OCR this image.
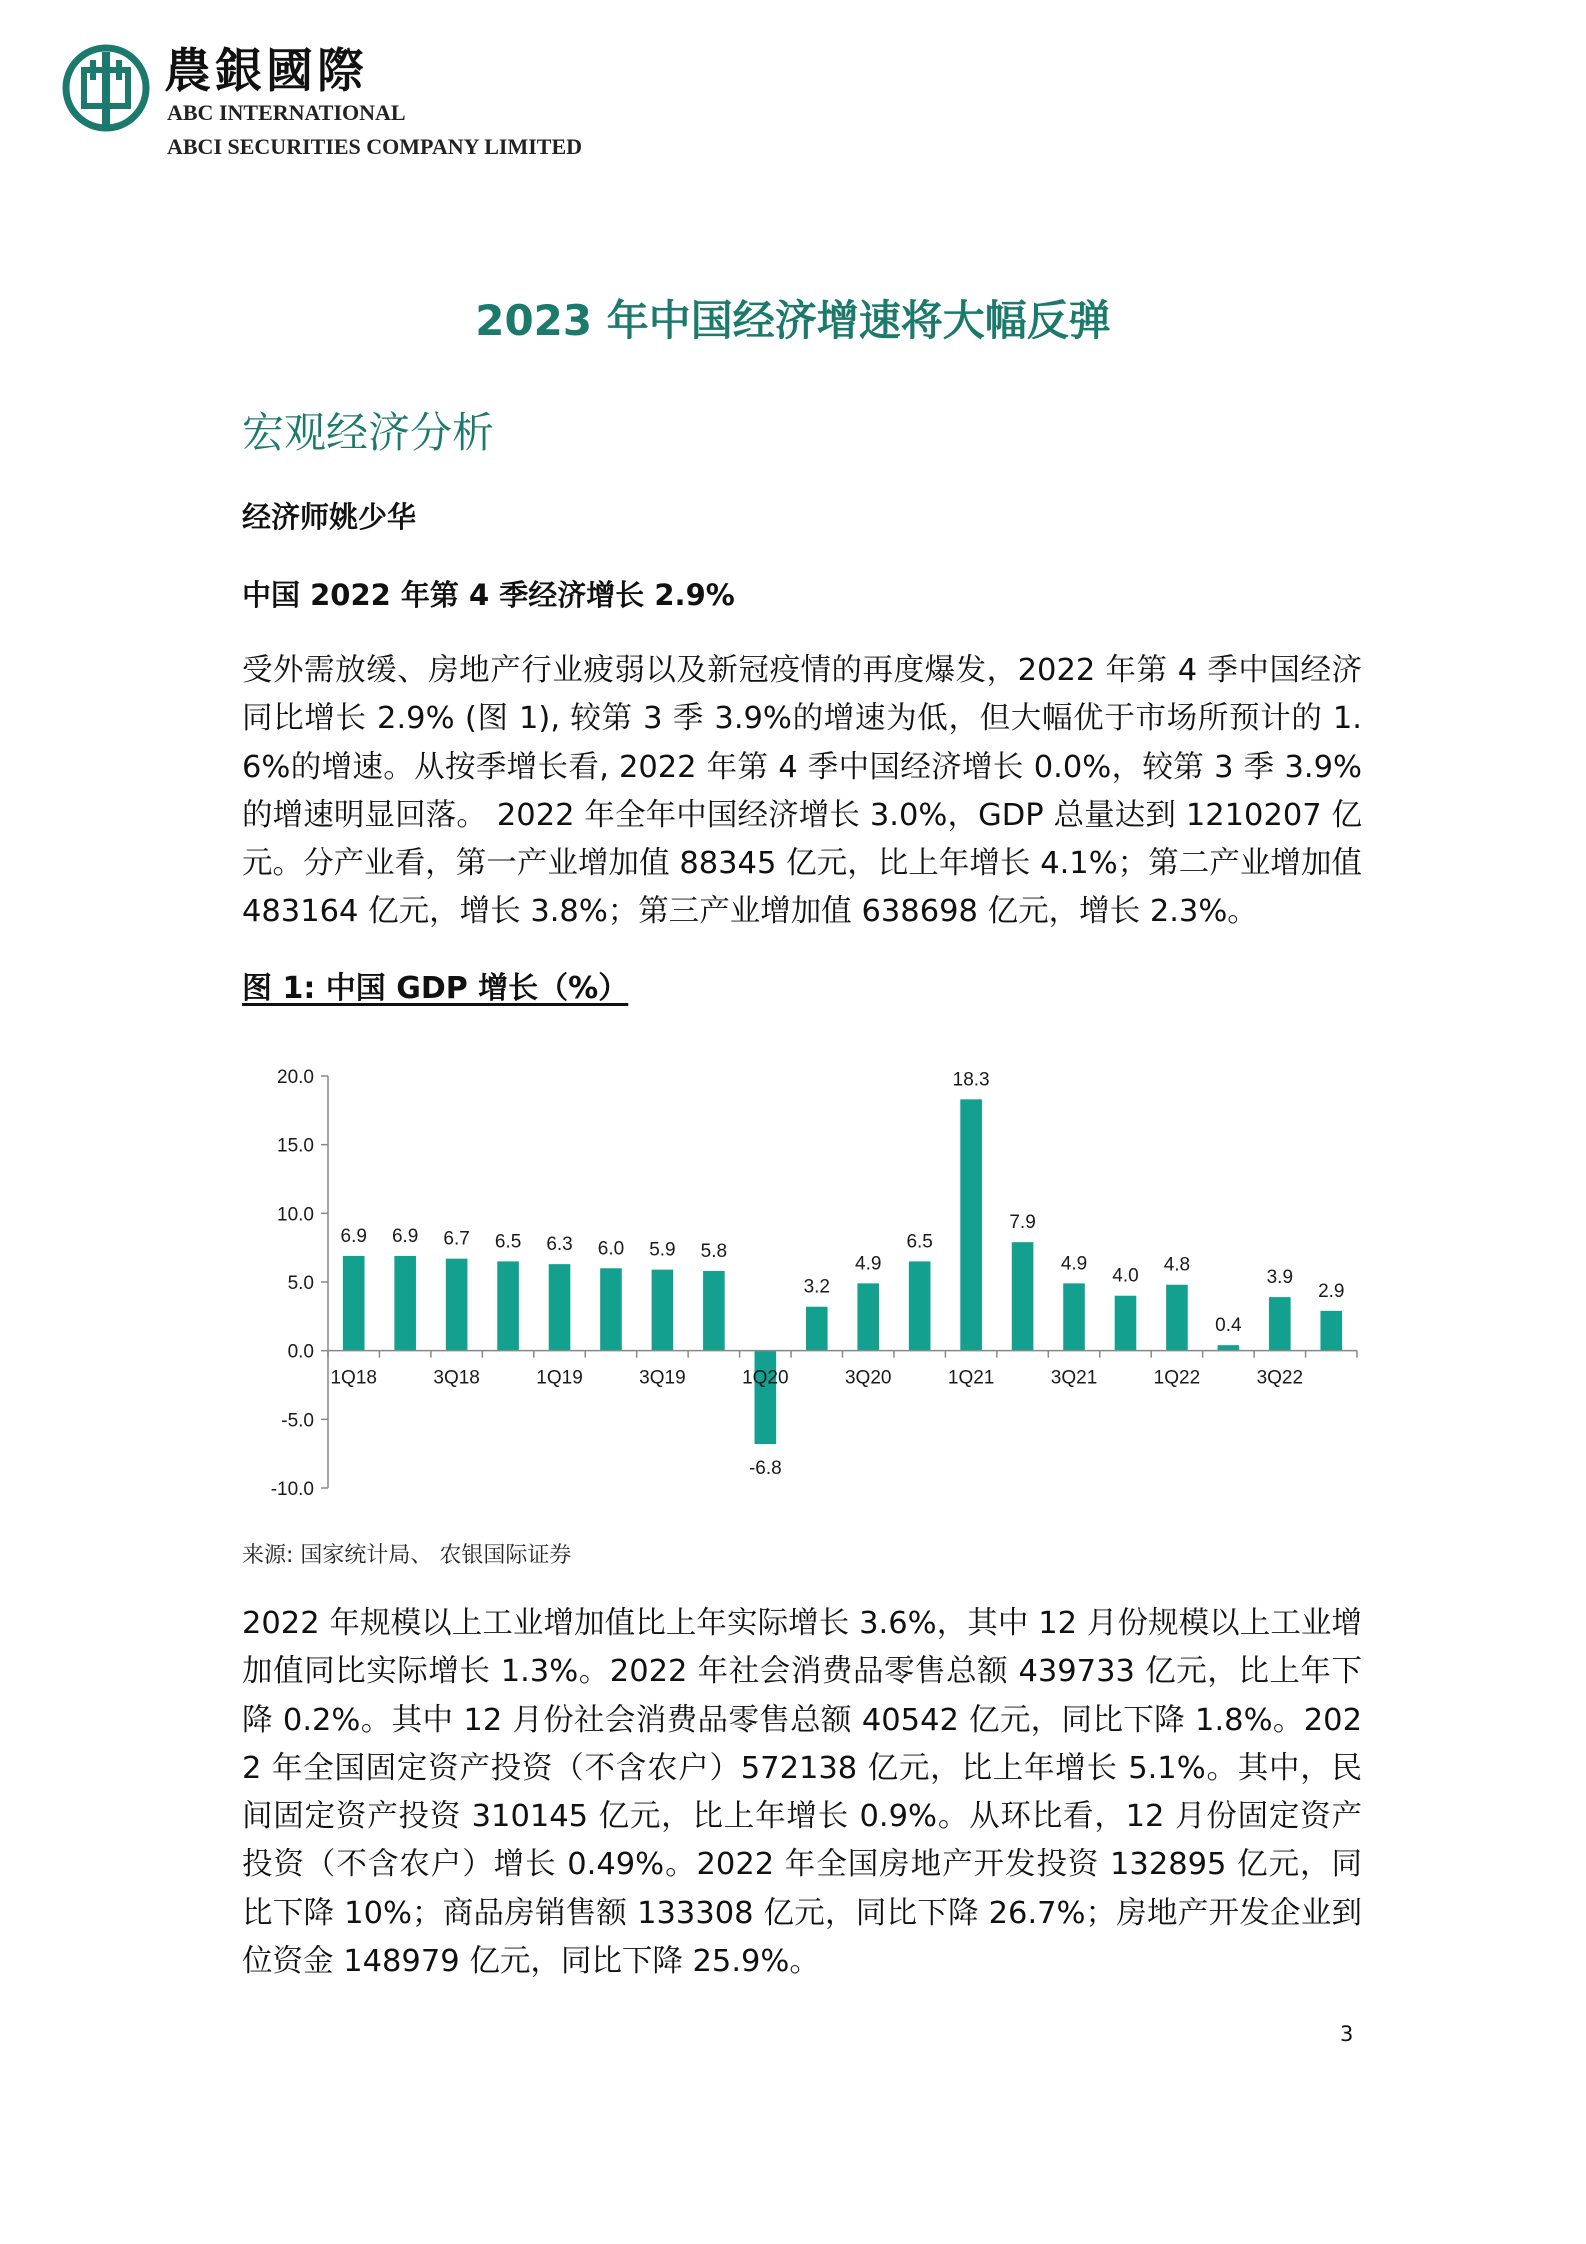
農銀國際
ABC INTERNATIONAL
ABCI SECURITIES COMPANY LIMITED
2023 年中国经济增速将大幅反弹
宏观经济分析
经济师姚少华
中国 2022 年第 4 季经济增长 2.9%
受外需放缓、房地产行业疲弱以及新冠疫情的再度爆发，2022 年第 4 季中国经济同比增长 2.9% (图 1), 较第 3 季 3.9%的增速为低，但大幅优于市场所预计的 1.6%的增速。从按季增长看, 2022 年第 4 季中国经济增长 0.0%，较第 3 季 3.9%的增速明显回落。 2022 年全年中国经济增长 3.0%，GDP 总量达到 1210207 亿元。分产业看，第一产业增加值 88345 亿元，比上年增长 4.1%；第二产业增加值 483164 亿元，增长 3.8%；第三产业增加值 638698 亿元，增长 2.3%。
图 1: 中国 GDP 增长（%）
20.0
15.0
10.0
5.0
0.0
-5.0
-10.0
6.9 6.9 6.7 6.5 6.3 6.0 5.9 5.8
-6.8
3.2
4.9
6.5
18.3
7.9
4.9
4.0
4.8
0.4
3.9
2.9
1Q18	3Q18	1Q19	3Q19	1Q20	3Q20	1Q21	3Q21	1Q22	3Q22
来源: 国家统计局、 农银国际证券
2022 年规模以上工业增加值比上年实际增长 3.6%，其中 12 月份规模以上工业增加值同比实际增长 1.3%。2022 年社会消费品零售总额 439733 亿元，比上年下降 0.2%。其中 12 月份社会消费品零售总额 40542 亿元，同比下降 1.8%。2022 年全国固定资产投资（不含农户）572138 亿元，比上年增长 5.1%。其中，民间固定资产投资 310145 亿元，比上年增长 0.9%。从环比看，12 月份固定资产投资（不含农户）增长 0.49%。2022 年全国房地产开发投资 132895 亿元，同比下降 10%；商品房销售额 133308 亿元，同比下降 26.7%；房地产开发企业到位资金 148979 亿元，同比下降 25.9%。
3
